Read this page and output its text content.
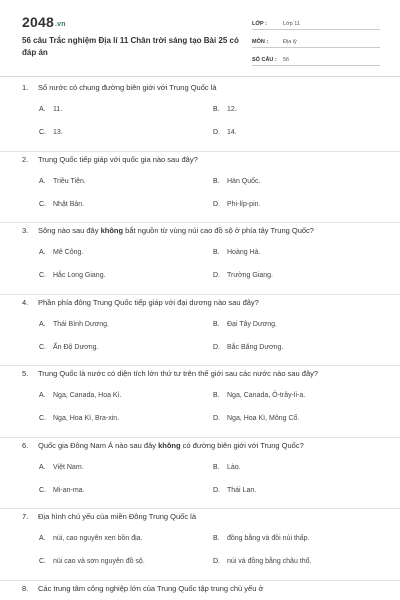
2048.vn
56 câu Trắc nghiệm Địa lí 11 Chân trời sáng tạo Bài 25 có đáp án
LỚP :	Lớp 11
MÔN :	Địa lý
SỐ CÂU :	56
1. Số nước có chung đường biên giới với Trung Quốc là
A. 11.	B. 12.
C. 13.	D. 14.
2. Trung Quốc tiếp giáp với quốc gia nào sau đây?
A. Triều Tiên.	B. Hàn Quốc.
C. Nhật Bản.	D. Phi-líp-pin.
3. Sông nào sau đây không bắt nguồn từ vùng núi cao đồ sộ ở phía tây Trung Quốc?
A. Mê Công.	B. Hoàng Hà.
C. Hắc Long Giang.	D. Trường Giang.
4. Phần phía đông Trung Quốc tiếp giáp với đại dương nào sau đây?
A. Thái Bình Dương.	B. Đại Tây Dương.
C. Ấn Độ Dương.	D. Bắc Băng Dương.
5. Trung Quốc là nước có diện tích lớn thứ tư trên thế giới sau các nước nào sau đây?
A. Nga, Canada, Hoa Kì.	B. Nga, Canada, Ô-trây-li-a.
C. Nga, Hoa Kì, Bra-xin.	D. Nga, Hoa Kì, Mông Cổ.
6. Quốc gia Đông Nam Á nào sau đây không có đường biên giới với Trung Quốc?
A. Việt Nam.	B. Lào.
C. Mi-an-ma.	D. Thái Lan.
7. Địa hình chủ yếu của miền Đông Trung Quốc là
A. núi, cao nguyên xen bồn địa.	B. đồng bằng và đồi núi thấp.
C. núi cao và sơn nguyên đồ sộ.	D. núi và đồng bằng châu thổ.
8. Các trung tâm công nghiệp lớn của Trung Quốc tập trung chủ yếu ở
